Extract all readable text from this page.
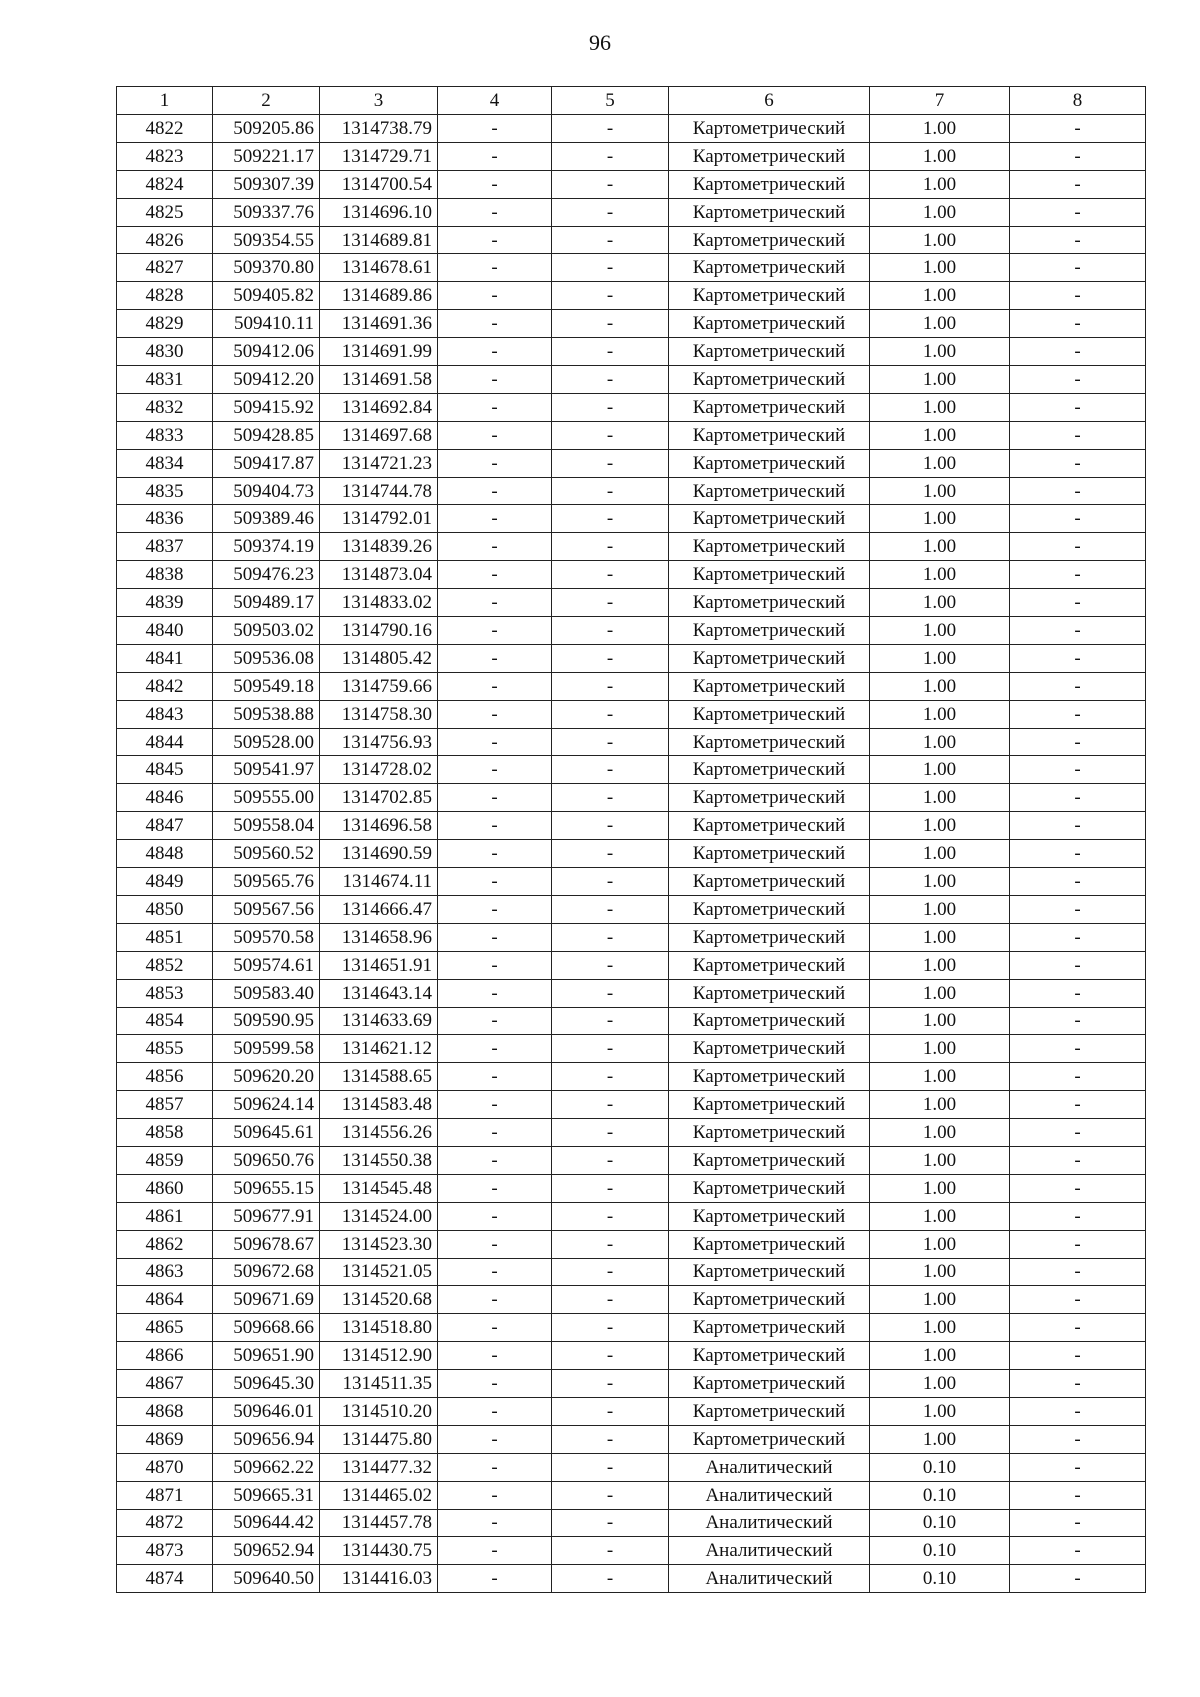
96
1	2	3	4	5	6	7	8
4822	509205.86	1314738.79	-	-	Картометрический	1.00	-
4823	509221.17	1314729.71	-	-	Картометрический	1.00	-
4824	509307.39	1314700.54	-	-	Картометрический	1.00	-
4825	509337.76	1314696.10	-	-	Картометрический	1.00	-
4826	509354.55	1314689.81	-	-	Картометрический	1.00	-
4827	509370.80	1314678.61	-	-	Картометрический	1.00	-
4828	509405.82	1314689.86	-	-	Картометрический	1.00	-
4829	509410.11	1314691.36	-	-	Картометрический	1.00	-
4830	509412.06	1314691.99	-	-	Картометрический	1.00	-
4831	509412.20	1314691.58	-	-	Картометрический	1.00	-
4832	509415.92	1314692.84	-	-	Картометрический	1.00	-
4833	509428.85	1314697.68	-	-	Картометрический	1.00	-
4834	509417.87	1314721.23	-	-	Картометрический	1.00	-
4835	509404.73	1314744.78	-	-	Картометрический	1.00	-
4836	509389.46	1314792.01	-	-	Картометрический	1.00	-
4837	509374.19	1314839.26	-	-	Картометрический	1.00	-
4838	509476.23	1314873.04	-	-	Картометрический	1.00	-
4839	509489.17	1314833.02	-	-	Картометрический	1.00	-
4840	509503.02	1314790.16	-	-	Картометрический	1.00	-
4841	509536.08	1314805.42	-	-	Картометрический	1.00	-
4842	509549.18	1314759.66	-	-	Картометрический	1.00	-
4843	509538.88	1314758.30	-	-	Картометрический	1.00	-
4844	509528.00	1314756.93	-	-	Картометрический	1.00	-
4845	509541.97	1314728.02	-	-	Картометрический	1.00	-
4846	509555.00	1314702.85	-	-	Картометрический	1.00	-
4847	509558.04	1314696.58	-	-	Картометрический	1.00	-
4848	509560.52	1314690.59	-	-	Картометрический	1.00	-
4849	509565.76	1314674.11	-	-	Картометрический	1.00	-
4850	509567.56	1314666.47	-	-	Картометрический	1.00	-
4851	509570.58	1314658.96	-	-	Картометрический	1.00	-
4852	509574.61	1314651.91	-	-	Картометрический	1.00	-
4853	509583.40	1314643.14	-	-	Картометрический	1.00	-
4854	509590.95	1314633.69	-	-	Картометрический	1.00	-
4855	509599.58	1314621.12	-	-	Картометрический	1.00	-
4856	509620.20	1314588.65	-	-	Картометрический	1.00	-
4857	509624.14	1314583.48	-	-	Картометрический	1.00	-
4858	509645.61	1314556.26	-	-	Картометрический	1.00	-
4859	509650.76	1314550.38	-	-	Картометрический	1.00	-
4860	509655.15	1314545.48	-	-	Картометрический	1.00	-
4861	509677.91	1314524.00	-	-	Картометрический	1.00	-
4862	509678.67	1314523.30	-	-	Картометрический	1.00	-
4863	509672.68	1314521.05	-	-	Картометрический	1.00	-
4864	509671.69	1314520.68	-	-	Картометрический	1.00	-
4865	509668.66	1314518.80	-	-	Картометрический	1.00	-
4866	509651.90	1314512.90	-	-	Картометрический	1.00	-
4867	509645.30	1314511.35	-	-	Картометрический	1.00	-
4868	509646.01	1314510.20	-	-	Картометрический	1.00	-
4869	509656.94	1314475.80	-	-	Картометрический	1.00	-
4870	509662.22	1314477.32	-	-	Аналитический	0.10	-
4871	509665.31	1314465.02	-	-	Аналитический	0.10	-
4872	509644.42	1314457.78	-	-	Аналитический	0.10	-
4873	509652.94	1314430.75	-	-	Аналитический	0.10	-
4874	509640.50	1314416.03	-	-	Аналитический	0.10	-
